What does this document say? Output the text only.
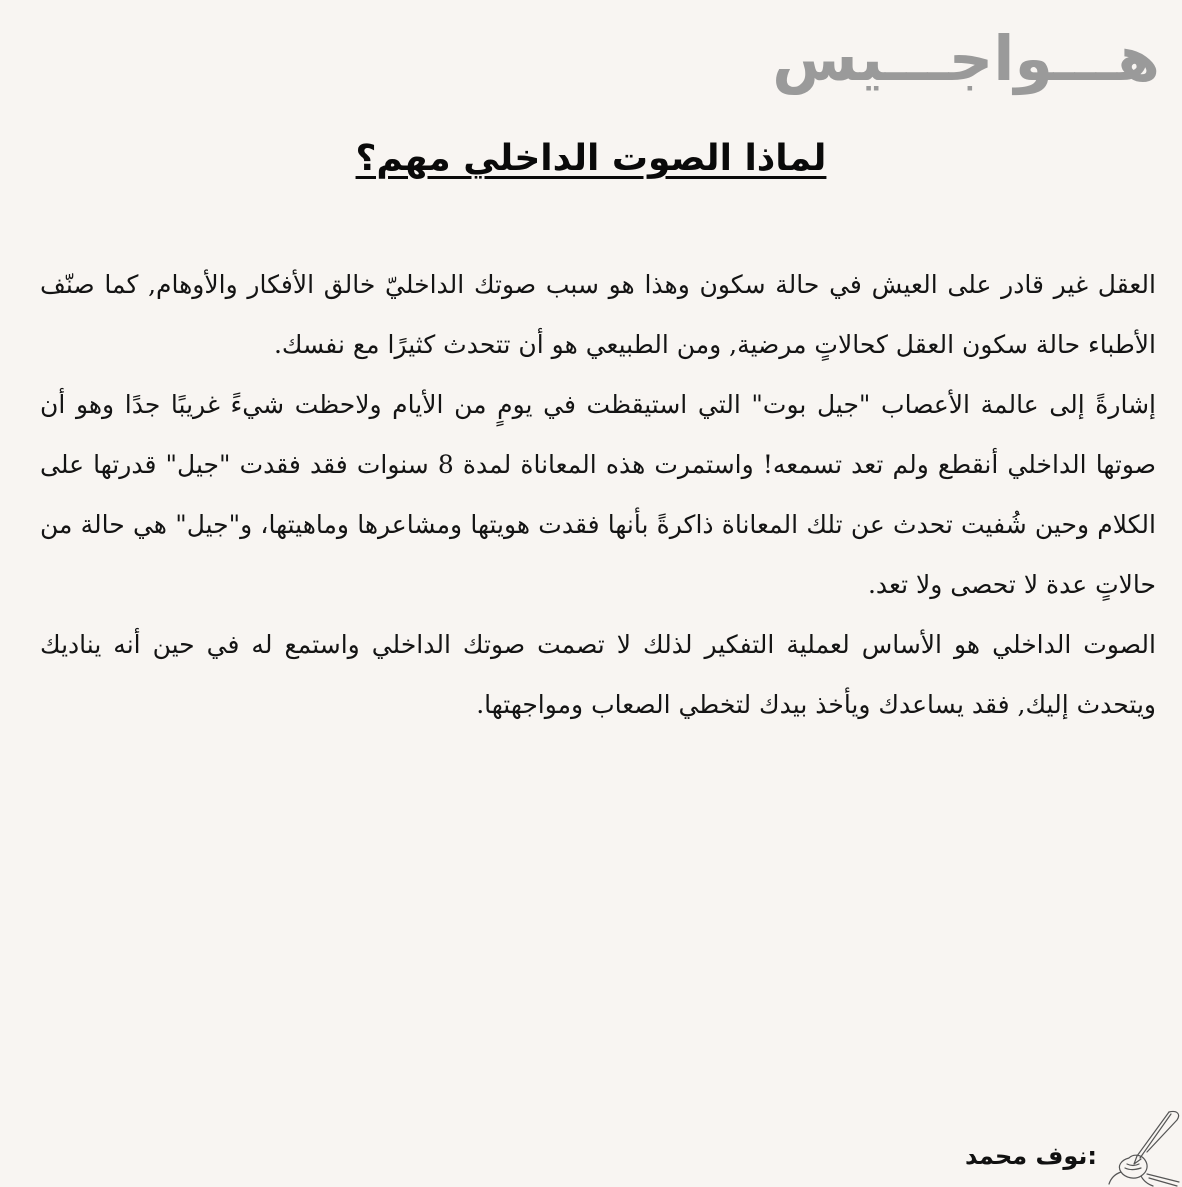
هـــواجـــيس
لماذا الصوت الداخلي مهم؟

العقل غير قادر على العيش في حالة سكون وهذا هو سبب صوتك الداخليّ خالق الأفكار والأوهام, كما صنّف الأطباء حالة سكون العقل كحالاتٍ مرضية, ومن الطبيعي هو أن تتحدث كثيرًا مع نفسك.

إشارةً إلى عالمة الأعصاب "جيل بوت" التي استيقظت في يومٍ من الأيام ولاحظت شيءً غريبًا جدًا وهو أن صوتها الداخلي أنقطع ولم تعد تسمعه! واستمرت هذه المعاناة لمدة 8 سنوات فقد فقدت "جيل" قدرتها على الكلام وحين شُفيت تحدث عن تلك المعاناة ذاكرةً بأنها فقدت هويتها ومشاعرها وماهيتها، و"جيل" هي حالة من حالاتٍ عدة لا تحصى ولا تعد.

الصوت الداخلي هو الأساس لعملية التفكير لذلك لا تصمت صوتك الداخلي واستمع له في حين أنه يناديك ويتحدث إليك, فقد يساعدك ويأخذ بيدك لتخطي الصعاب ومواجهتها.

:نوف محمد
